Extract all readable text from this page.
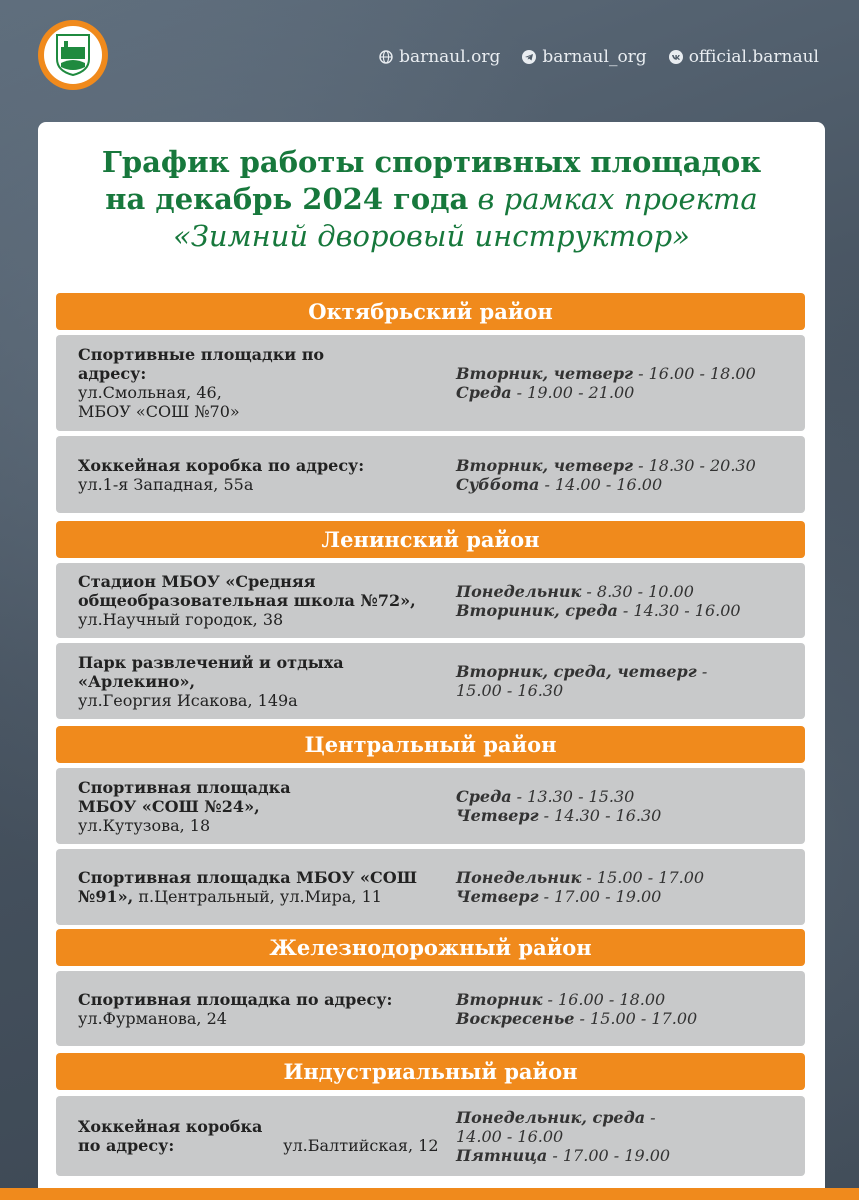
barnaul.org barnaul_org official.barnaul
График работы спортивных площадок
на декабрь 2024 года в рамках проекта
«Зимний дворовый инструктор»
Октябрьский район
Спортивные площадки по адресу:
ул.Смольная, 46, МБОУ «СОШ №70»
Вторник, четверг - 16.00 - 18.00
Среда - 19.00 - 21.00
Хоккейная коробка по адресу:
ул.1-я Западная, 55а
Вторник, четверг - 18.30 - 20.30
Суббота - 14.00 - 16.00
Ленинский район
Стадион МБОУ «Средняя общеобразовательная школа №72», ул.Научный городок, 38
Понедельник - 8.30 - 10.00
Вториник, среда - 14.30 - 16.00
Парк развлечений и отдыха «Арлекино»,
ул.Георгия Исакова, 149а
Вторник, среда, четверг - 15.00 - 16.30
Центральный район
Спортивная площадка МБОУ «СОШ №24»,
ул.Кутузова, 18
Среда - 13.30 - 15.30
Четверг - 14.30 - 16.30
Спортивная площадка МБОУ «СОШ №91», п.Центральный, ул.Мира, 11
Понедельник - 15.00 - 17.00
Четверг - 17.00 - 19.00
Железнодорожный район
Спортивная площадка по адресу:
ул.Фурманова, 24
Вторник - 16.00 - 18.00
Воскресенье - 15.00 - 17.00
Индустриальный район
Хоккейная коробка по адресу:	ул.Балтийская, 12
Понедельник, среда - 14.00 - 16.00
Пятница - 17.00 - 19.00
